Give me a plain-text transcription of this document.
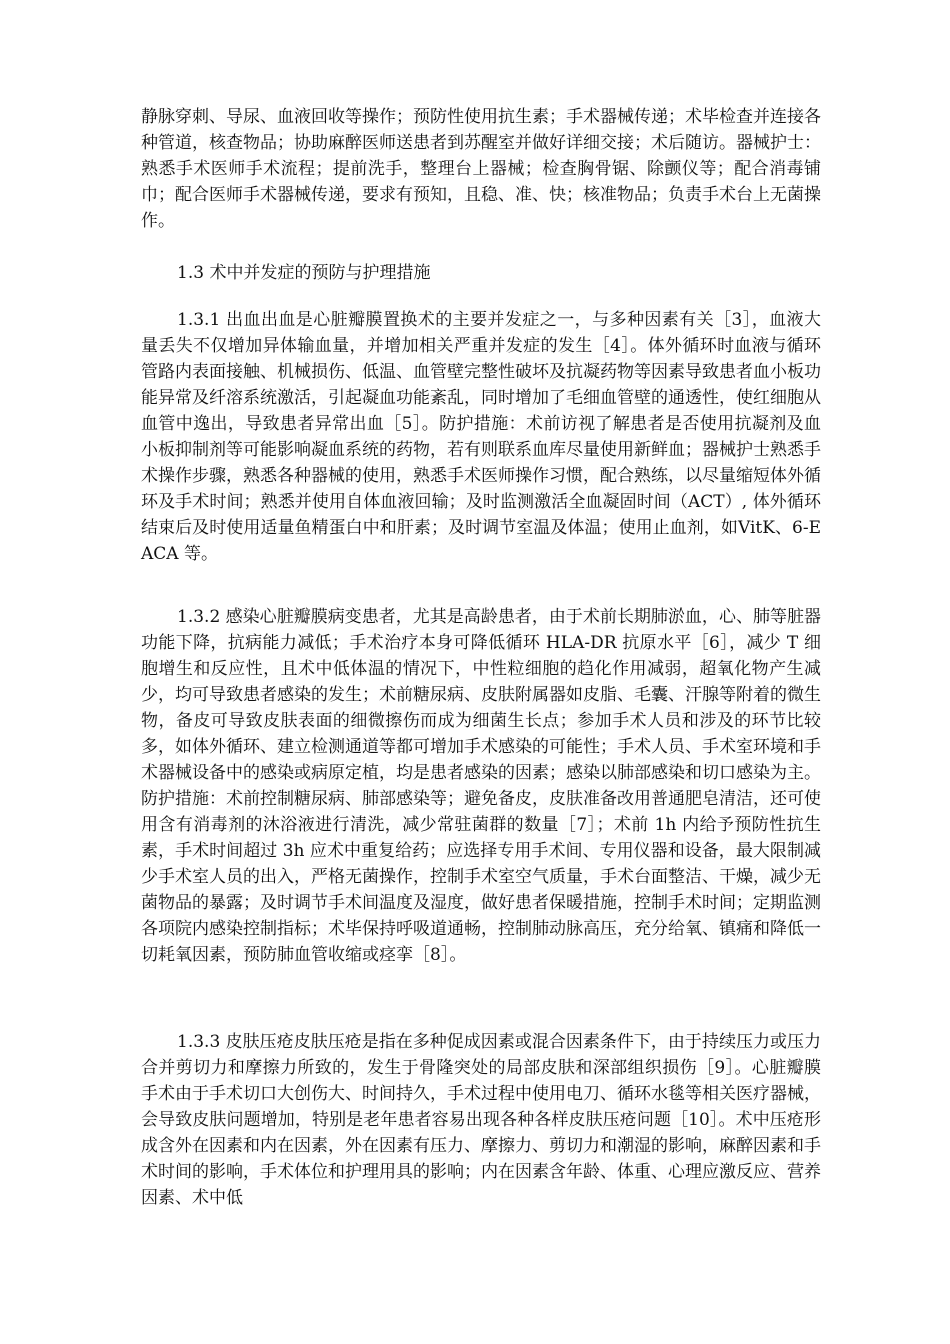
静脉穿刺、导尿、血液回收等操作；预防性使用抗生素；手术器械传递；术毕检查并连接各种管道，核查物品；协助麻醉医师送患者到苏醒室并做好详细交接；术后随访。器械护士：熟悉手术医师手术流程；提前洗手，整理台上器械；检查胸骨锯、除颤仪等；配合消毒铺巾；配合医师手术器械传递，要求有预知，且稳、准、快；核准物品；负责手术台上无菌操作。

1.3 术中并发症的预防与护理措施

1.3.1 出血出血是心脏瓣膜置换术的主要并发症之一，与多种因素有关［3］，血液大量丢失不仅增加异体输血量，并增加相关严重并发症的发生［4］。体外循环时血液与循环管路内表面接触、机械损伤、低温、血管壁完整性破坏及抗凝药物等因素导致患者血小板功能异常及纤溶系统激活，引起凝血功能紊乱，同时增加了毛细血管壁的通透性，使红细胞从血管中逸出，导致患者异常出血［5］。防护措施：术前访视了解患者是否使用抗凝剂及血小板抑制剂等可能影响凝血系统的药物，若有则联系血库尽量使用新鲜血；器械护士熟悉手术操作步骤，熟悉各种器械的使用，熟悉手术医师操作习惯，配合熟练，以尽量缩短体外循环及手术时间；熟悉并使用自体血液回输；及时监测激活全血凝固时间（ACT）, 体外循环结束后及时使用适量鱼精蛋白中和肝素；及时调节室温及体温；使用止血剂，如VitK、6-EACA 等。

1.3.2 感染心脏瓣膜病变患者，尤其是高龄患者，由于术前长期肺淤血，心、肺等脏器功能下降，抗病能力减低；手术治疗本身可降低循环 HLA-DR 抗原水平［6］，减少 T 细胞增生和反应性，且术中低体温的情况下，中性粒细胞的趋化作用减弱，超氧化物产生减少，均可导致患者感染的发生；术前糖尿病、皮肤附属器如皮脂、毛囊、汗腺等附着的微生物，备皮可导致皮肤表面的细微擦伤而成为细菌生长点；参加手术人员和涉及的环节比较多，如体外循环、建立检测通道等都可增加手术感染的可能性；手术人员、手术室环境和手术器械设备中的感染或病原定植，均是患者感染的因素；感染以肺部感染和切口感染为主。防护措施：术前控制糖尿病、肺部感染等；避免备皮，皮肤准备改用普通肥皂清洁，还可使用含有消毒剂的沐浴液进行清洗，减少常驻菌群的数量［7］；术前 1h 内给予预防性抗生素，手术时间超过 3h 应术中重复给药；应选择专用手术间、专用仪器和设备，最大限制减少手术室人员的出入，严格无菌操作，控制手术室空气质量，手术台面整洁、干燥，减少无菌物品的暴露；及时调节手术间温度及湿度，做好患者保暖措施，控制手术时间；定期监测各项院内感染控制指标；术毕保持呼吸道通畅，控制肺动脉高压，充分给氧、镇痛和降低一切耗氧因素，预防肺血管收缩或痉挛［8］。

1.3.3 皮肤压疮皮肤压疮是指在多种促成因素或混合因素条件下，由于持续压力或压力合并剪切力和摩擦力所致的，发生于骨隆突处的局部皮肤和深部组织损伤［9］。心脏瓣膜手术由于手术切口大创伤大、时间持久，手术过程中使用电刀、循环水毯等相关医疗器械，会导致皮肤问题增加，特别是老年患者容易出现各种各样皮肤压疮问题［10］。术中压疮形成含外在因素和内在因素，外在因素有压力、摩擦力、剪切力和潮湿的影响，麻醉因素和手术时间的影响，手术体位和护理用具的影响；内在因素含年龄、体重、心理应激反应、营养因素、术中低
